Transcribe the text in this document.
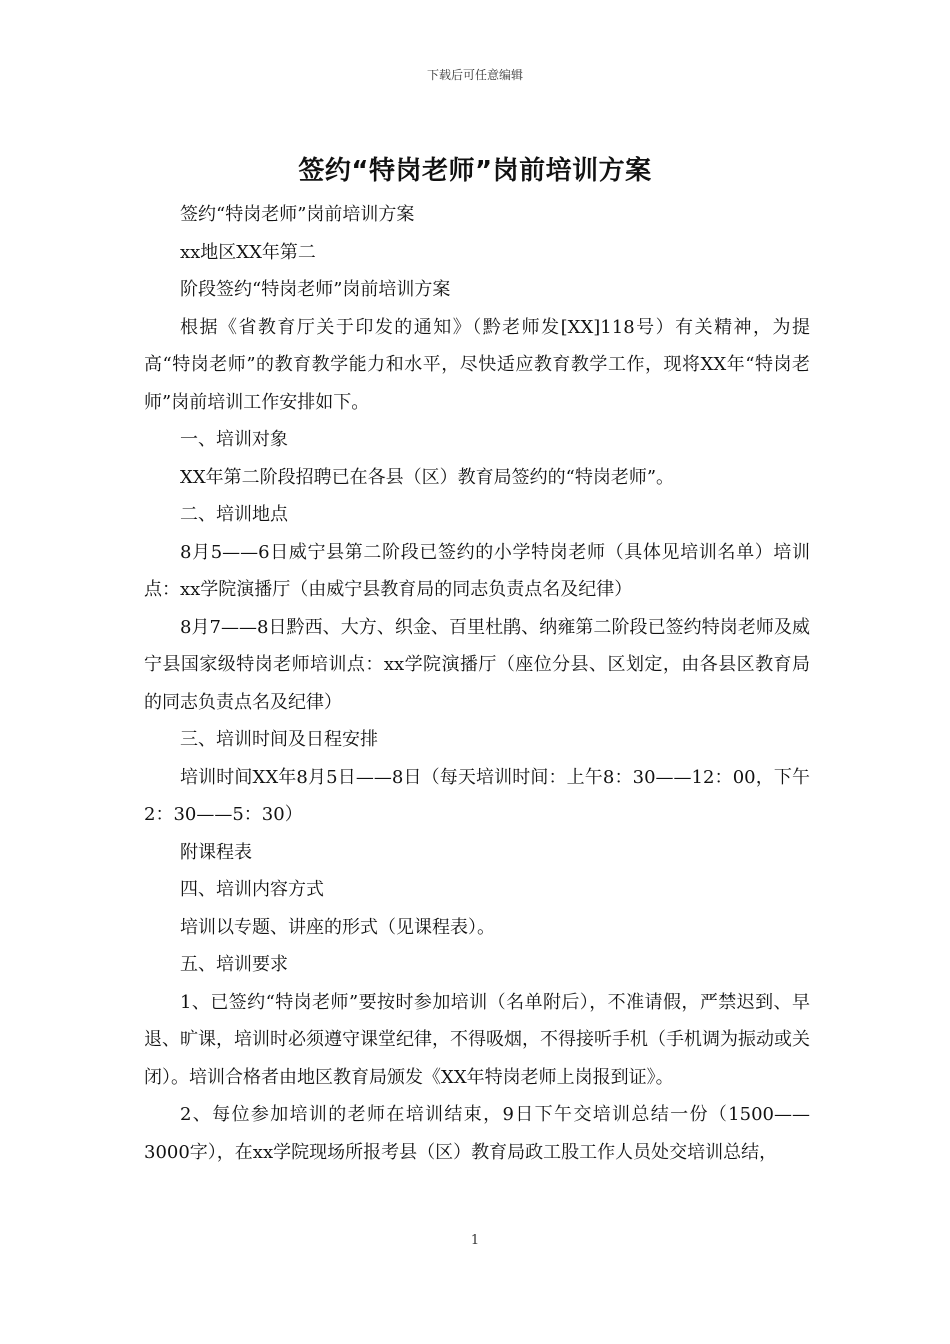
下载后可任意编辑
签约“特岗老师”岗前培训方案

签约“特岗老师”岗前培训方案

xx地区XX年第二

阶段签约“特岗老师”岗前培训方案

根据《省教育厅关于印发的通知》（黔老师发[XX]118号）有关精神，为提高“特岗老师”的教育教学能力和水平，尽快适应教育教学工作，现将XX年“特岗老师”岗前培训工作安排如下。

一、培训对象

XX年第二阶段招聘已在各县（区）教育局签约的“特岗老师”。

二、培训地点

8月5——6日威宁县第二阶段已签约的小学特岗老师（具体见培训名单）培训点：xx学院演播厅（由威宁县教育局的同志负责点名及纪律）

8月7——8日黔西、大方、织金、百里杜鹃、纳雍第二阶段已签约特岗老师及威宁县国家级特岗老师培训点：xx学院演播厅（座位分县、区划定，由各县区教育局的同志负责点名及纪律）

三、培训时间及日程安排

培训时间XX年8月5日——8日（每天培训时间：上午8：30——12：00，下午2：30——5：30）

附课程表

四、培训内容方式

培训以专题、讲座的形式（见课程表）。

五、培训要求

1、已签约“特岗老师”要按时参加培训（名单附后），不准请假，严禁迟到、早退、旷课，培训时必须遵守课堂纪律，不得吸烟，不得接听手机（手机调为振动或关闭）。培训合格者由地区教育局颁发《XX年特岗老师上岗报到证》。

2、每位参加培训的老师在培训结束，9日下午交培训总结一份（1500——3000字），在xx学院现场所报考县（区）教育局政工股工作人员处交培训总结，

1
